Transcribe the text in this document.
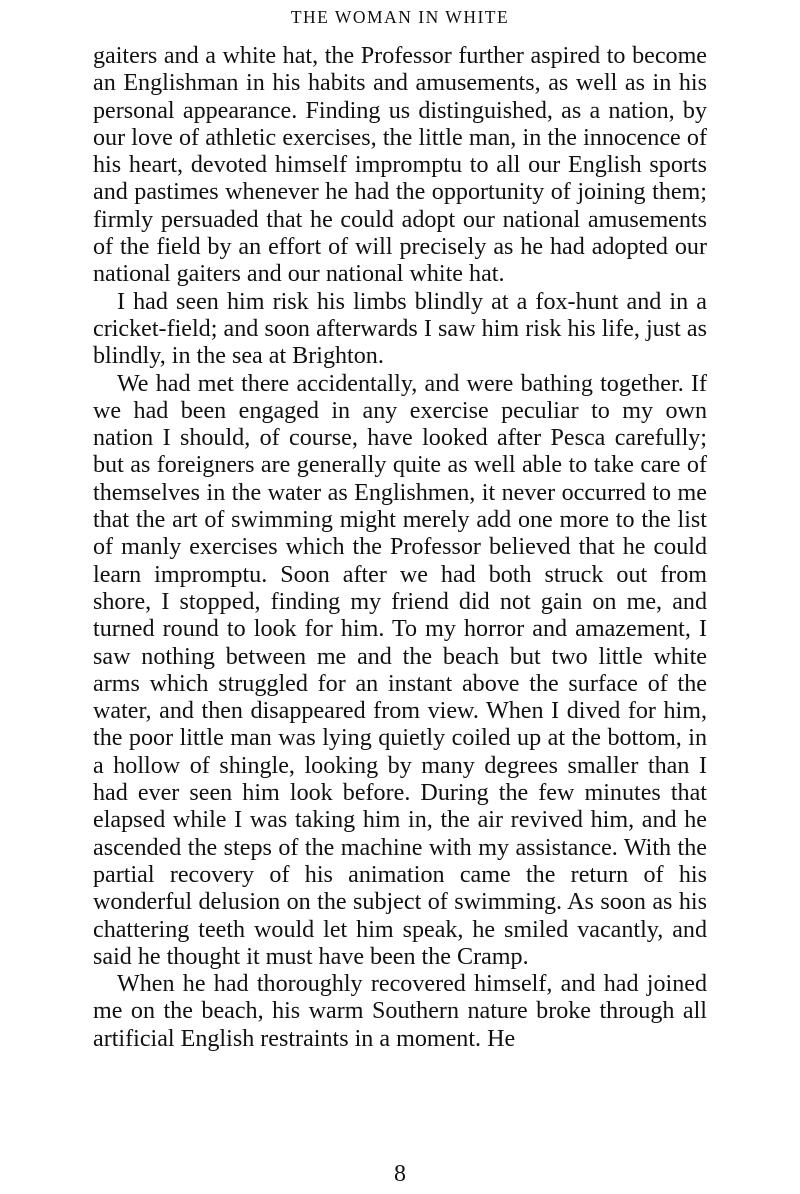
THE WOMAN IN WHITE

gaiters and a white hat, the Professor further aspired to become an Englishman in his habits and amusements, as well as in his personal appearance. Finding us distinguished, as a nation, by our love of athletic exercises, the little man, in the innocence of his heart, devoted himself impromptu to all our English sports and pastimes whenever he had the opportunity of joining them; firmly persuaded that he could adopt our national amusements of the field by an effort of will precisely as he had adopted our national gaiters and our national white hat.

I had seen him risk his limbs blindly at a fox-hunt and in a cricket-field; and soon afterwards I saw him risk his life, just as blindly, in the sea at Brighton.

We had met there accidentally, and were bathing together. If we had been engaged in any exercise peculiar to my own nation I should, of course, have looked after Pesca carefully; but as foreigners are generally quite as well able to take care of themselves in the water as Englishmen, it never occurred to me that the art of swimming might merely add one more to the list of manly exercises which the Professor believed that he could learn impromptu. Soon after we had both struck out from shore, I stopped, finding my friend did not gain on me, and turned round to look for him. To my horror and amazement, I saw nothing between me and the beach but two little white arms which struggled for an instant above the surface of the water, and then disappeared from view. When I dived for him, the poor little man was lying quietly coiled up at the bottom, in a hollow of shingle, looking by many degrees smaller than I had ever seen him look before. During the few minutes that elapsed while I was taking him in, the air revived him, and he ascended the steps of the machine with my assistance. With the partial recovery of his animation came the return of his wonderful delusion on the subject of swimming. As soon as his chattering teeth would let him speak, he smiled vacantly, and said he thought it must have been the Cramp.

When he had thoroughly recovered himself, and had joined me on the beach, his warm Southern nature broke through all artificial English restraints in a moment. He

8
